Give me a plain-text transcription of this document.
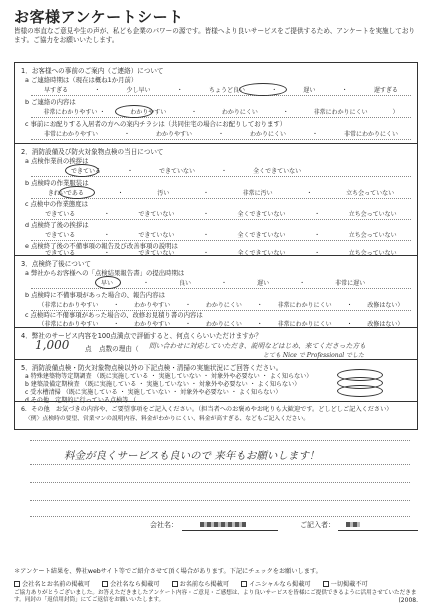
お客様アンケートシート
皆様の率直なご意見や生の声が、私ども企業のパワーの源です。皆様へより良いサービスをご提供するため、アンケートを実施しております。ご協力をお願いいたします。
1．お客様への事前のご案内（ご連絡）について
a ご連絡時期は（現在は概ね1か月前）
早すぎる	・	少し早い	・	ちょうど良い	・	遅い	・	遅すぎる
b ご連絡の内容は
非常にわかりやすい ・	わかりやすい	・	わかりにくい	・	非常にわかりにくい	）
c 事前にお配りする入居者の方への案内チラシは（共同住宅の場合にお配りしております）
非常にわかりやすい	・	わかりやすい	・	わかりにくい	・	非常にわかりにくい
2．消防設備及び防火対象物点検の当日について
a 点検作業員の挨拶は
できている	・	できていない	・	全くできていない
b 点検時の作業服装は
きれいである	・	汚い	・	非常に汚い	・	立ち会っていない
c 点検中の作業態度は
できている	・	できていない	・	全くできていない	・	立ち会っていない
d 点検終了後の挨拶は
できている	・	できていない	・	全くできていない	・	立ち会っていない
e 点検終了後の不備事項の報告及び改善事項の説明は
できている	・	できていない	・	全くできていない	・	立ち会っていない
3．点検終了後について
a 弊社からお客様への「点検結果報告書」の提出時期は
早い	・	良い	・	遅い	・	非常に遅い
b 点検時に不備事項があった場合の、報告内容は
（非常にわかりやすい ・ わかりやすい ・ わかりにくい ・ 非常にわかりにくい ・ 改修はない）
c 点検時に不備事項があった場合の、改修お見積り書の内容は
（非常にわかりやすい ・ わかりやすい ・ わかりにくい ・ 非常にわかりにくい ・ 改修はない）
4．弊社のサービス内容を100点満点で評価すると、何点くらいいただけますか？
1,000 点 点数の理由（ 問い合わせに対応していただき、説明などはじめ、来てくださった方も
とても Nice で Professional でした
5．消防設備点検・防火対象物点検以外の下記点検・清掃の実施状況にご回答ください。
a 特殊建築物等定期調査 （既に実施している ・ 実施していない ・ 対象外や必要ない ・ よく知らない）
b 建築設備定期検査 （既に実施している ・ 実施していない ・ 対象外や必要ない ・ よく知らない）
c 受水槽清掃 （既に実施している ・ 実施していない ・ 対象外や必要ない ・ よく知らない）
d その他　定期的に行っている点検等 （
6．その他　お気づきの内容や、ご要望事項をご記入ください。（担当者へのお褒めやお叱りも大歓迎です。どしどしご記入ください）
〈例〉点検時の要望、営業マンの説明内容、料金がわかりにくい、料金が高すぎる、などもご記入ください。
料金が良くサービスも良いので 来年もお願いします！
会社名：	ご記入者：
＊アンケート結果を、弊社webサイト等でご紹介させて頂く場合があります。下記にチェックをお願いします。
会社名とお名前の掲載可	会社名なら掲載可	お名前なら掲載可	イニシャルなら掲載可	一切掲載不可
ご協力ありがとうございました。お答えただきましたアンケート内容・ご意見・ご感想は、より良いサービスを皆様にご提供できるように活用させていただきます。同封の「返信用封筒」にてご返信をお願いいたします。	(2008.
